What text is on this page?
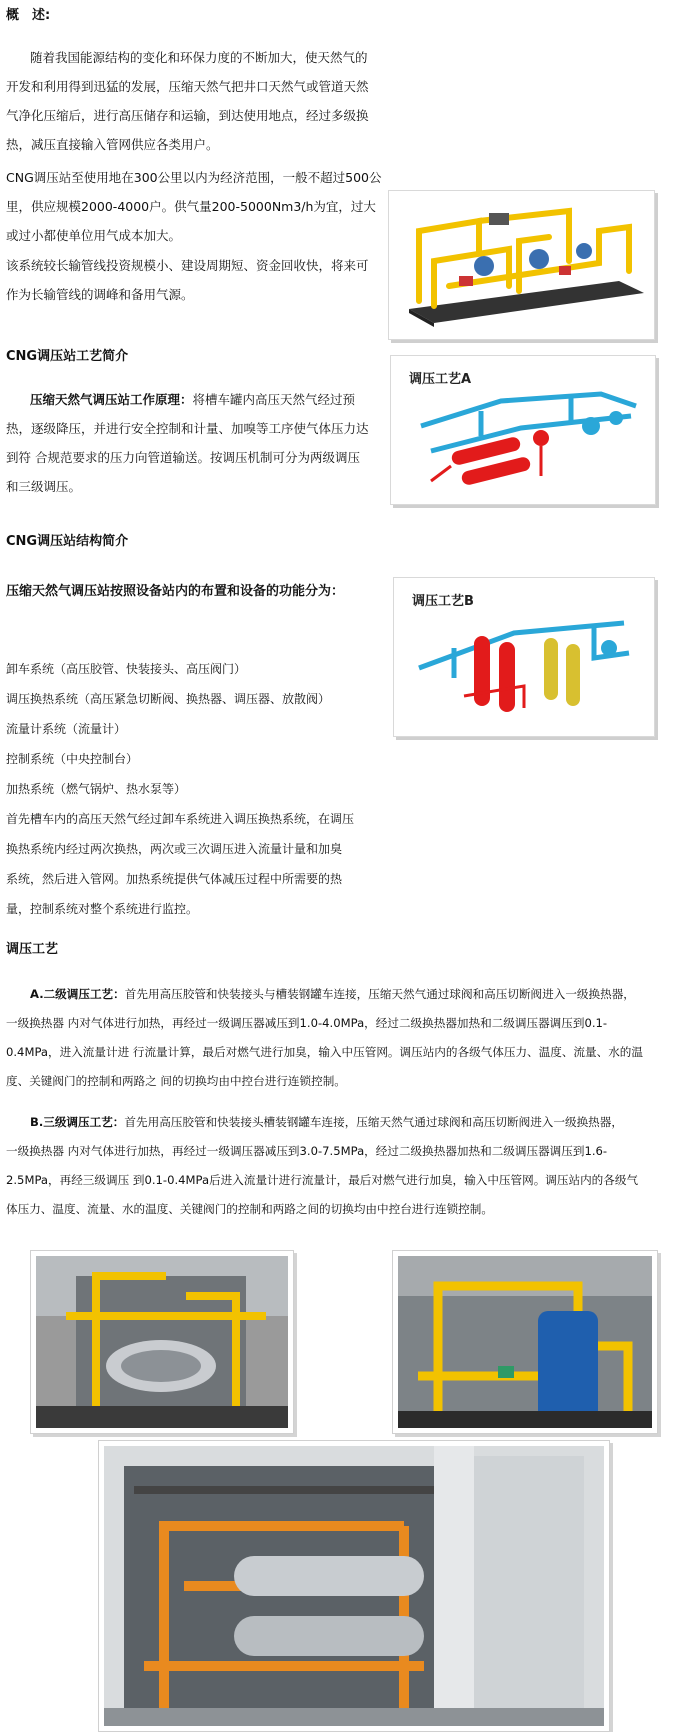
概　述:
随着我国能源结构的变化和环保力度的不断加大，使天然气的
开发和利用得到迅猛的发展，压缩天然气把井口天然气或管道天然
气净化压缩后，进行高压储存和运输，到达使用地点，经过多级换
热，减压直接输入管网供应各类用户。
CNG调压站至使用地在300公里以内为经济范围，一般不超过500公
里，供应规模2000-4000户。供气量200-5000Nm3/h为宜，过大
或过小都使单位用气成本加大。
该系统较长输管线投资规模小、建设周期短、资金回收快，将来可
作为长输管线的调峰和备用气源。
CNG调压站工艺简介
压缩天然气调压站工作原理：将槽车罐内高压天然气经过预
热，逐级降压，并进行安全控制和计量、加嗅等工序使气体压力达
到符 合规范要求的压力向管道输送。按调压机制可分为两级调压
和三级调压。
调压工艺A
CNG调压站结构简介
压缩天然气调压站按照设备站内的布置和设备的功能分为：
卸车系统（高压胶管、快装接头、高压阀门）
调压换热系统（高压紧急切断阀、换热器、调压器、放散阀）
流量计系统（流量计）
控制系统（中央控制台）
加热系统（燃气锅炉、热水泵等）
首先槽车内的高压天然气经过卸车系统进入调压换热系统，在调压
换热系统内经过两次换热，两次或三次调压进入流量计量和加臭
系统，然后进入管网。加热系统提供气体减压过程中所需要的热
量，控制系统对整个系统进行监控。
调压工艺B
调压工艺
A.二级调压工艺：首先用高压胶管和快装接头与槽装钢罐车连接，压缩天然气通过球阀和高压切断阀进入一级换热器，
一级换热器 内对气体进行加热，再经过一级调压器减压到1.0-4.0MPa，经过二级换热器加热和二级调压器调压到0.1-
0.4MPa，进入流量计进 行流量计算，最后对燃气进行加臭，输入中压管网。调压站内的各级气体压力、温度、流量、水的温
度、关键阀门的控制和两路之 间的切换均由中控台进行连锁控制。
B.三级调压工艺：首先用高压胶管和快装接头槽装钢罐车连接，压缩天然气通过球阀和高压切断阀进入一级换热器，
一级换热器 内对气体进行加热，再经过一级调压器减压到3.0-7.5MPa，经过二级换热器加热和二级调压器调压到1.6-
2.5MPa，再经三级调压 到0.1-0.4MPa后进入流量计进行流量计，最后对燃气进行加臭，输入中压管网。调压站内的各级气
体压力、温度、流量、水的温度、关键阀门的控制和两路之间的切换均由中控台进行连锁控制。
